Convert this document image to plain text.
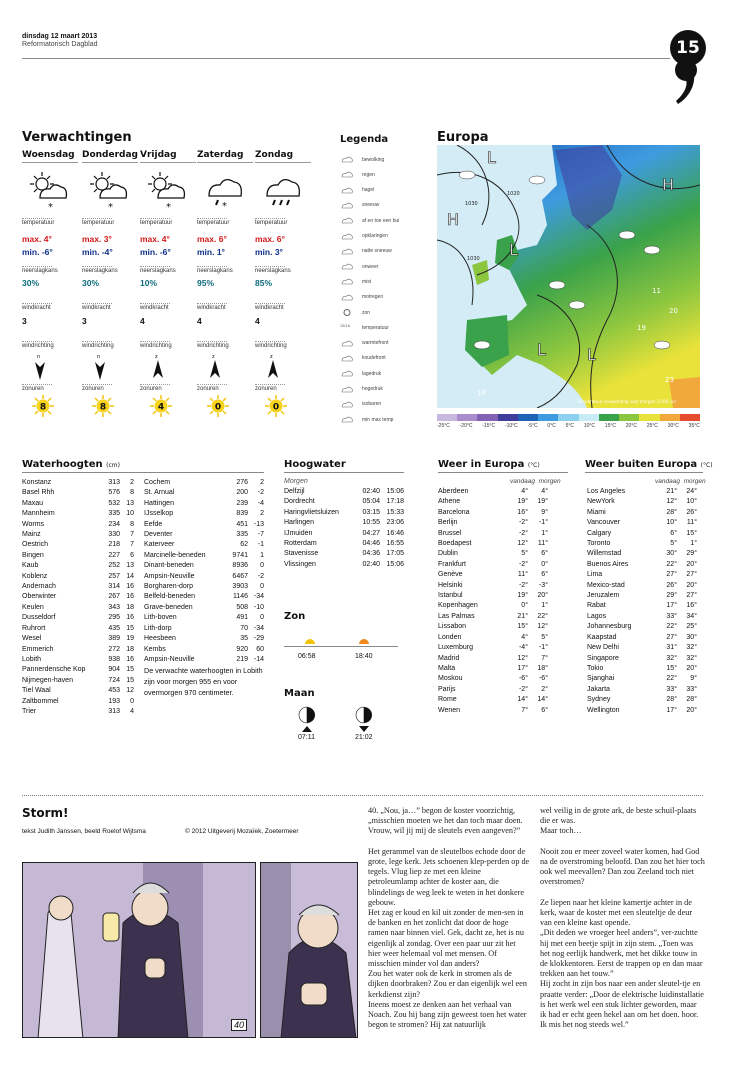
dinsdag 12 maart 2013
Reformatorisch Dagblad	15
Verwachtingen
Woensdag
*
temperatuur
max. 4°
min. -6°
neerslagkans
30%
windkracht
3
windrichting
n
zonuren
8
Donderdag
*
temperatuur
max. 3°
min. -4°
neerslagkans
30%
windkracht
3
windrichting
n
zonuren
8
Vrijdag
*
temperatuur
max. 4°
min. -6°
neerslagkans
10%
windkracht
4
windrichting
z
zonuren
4
Zaterdag
*
temperatuur
max. 6°
min. 1°
neerslagkans
95%
windkracht
4
windrichting
z
zonuren
0
Zondag
temperatuur
max. 6°
min. 3°
neerslagkans
85%
windkracht
4
windrichting
z
zonuren
0
Legenda
bewolking
regen
hagel
sneeuw
af en toe een bui
opklaringen
natte sneeuw
onweer
mist
motregen
zon
15/16	temperatuur
warmtefront
koudefront
lagedruk
hogedruk
isobaren
min max temp
Europa
1020
1030
1030
L
L
L	L
H
H
16
19
20
11
23
Temperatuur verwachting voor morgen 12:00 uur
-25°C -20°C -15°C -10°C -5°C 0°C 5°C 10°C 15°C 20°C 25°C 30°C 35°C
Waterhoogten (cm)
Konstanz	313	2
Basel Rhh	576	8
Maxau	532	13
Mannheim	335	10
Worms	234	8
Mainz	330	7
Oestrich	218	7
Bingen	227	6
Kaub	252	13
Koblenz	257	14
Andernach	314	16
Oberwinter	267	16
Keulen	343	18
Dusseldorf	295	16
Ruhrort	435	15
Wesel	389	19
Emmerich	272	18
Lobith	938	16
Pannerdensche Kop	904	15
Nijmegen-haven	724	15
Tiel Waal	453	12
Zaltbommel	193	0
Trier	313	4
Cochem	276	2
St. Arnual	200	-2
Hattingen	239	-4
IJsselkop	839	2
Eefde	451	-13
Deventer	335	-7
Katerveer	62	-1
Marcinelle-beneden	9741	1
Dinant-beneden	8936	0
Ampsin-Neuville	6467	-2
Borgharen-dorp	3903	0
Belfeld-beneden	1146	-34
Grave-beneden	508	-10
Lith-boven	491	0
Lith-dorp	70	-34
Heesbeen	35	-29
Kembs	920	60
Ampsin-Neuville	219	-14
De verwachte waterhoogten in Lobith zijn voor morgen 955 en voor overmorgen 970 centimeter.
Hoogwater
Morgen
Delfzijl	02:40	15:06
Dordrecht	05:04	17:18
Haringvlietsluizen	03:15	15:33
Harlingen	10:55	23:06
IJmuiden	04:27	16:46
Rotterdam	04:46	16:55
Stavenisse	04:36	17:05
Vlissingen	02:40	15:06
Zon
06:58	18:40
Maan
07:11	21:02
Weer in Europa (°C)
vandaag morgen
Aberdeen	4°	4°
Athene	19°	19°
Barcelona	16°	9°
Berlijn	-2°	-1°
Brussel	-2°	1°
Boedapest	12°	11°
Dublin	5°	6°
Frankfurt	-2°	0°
Genève	11°	6°
Helsinki	-2°	-3°
Istanbul	19°	20°
Kopenhagen	0°	1°
Las Palmas	21°	22°
Lissabon	15°	12°
Londen	4°	5°
Luxemburg	-4°	-1°
Madrid	12°	7°
Malta	17°	18°
Moskou	-6°	-6°
Parijs	-2°	2°
Rome	14°	14°
Wenen	7°	6°
Weer buiten Europa (°C)
vandaag morgen
Los Angeles	21°	24°
NewYork	12°	10°
Miami	28°	26°
Vancouver	10°	11°
Calgary	6°	15°
Toronto	5°	1°
Willemstad	30°	29°
Buenos Aires	22°	20°
Lima	27°	27°
Mexico-stad	26°	20°
Jeruzalem	29°	27°
Rabat	17°	16°
Lagos	33°	34°
Johannesburg	22°	25°
Kaapstad	27°	30°
New Delhi	31°	32°
Singapore	32°	32°
Tokio	15°	20°
Sjanghai	22°	9°
Jakarta	33°	33°
Sydney	28°	28°
Wellington	17°	20°
Storm!
tekst Judith Janssen, beeld Roelof Wijtsma	© 2012 Uitgeverij Mozaïek, Zoetermeer
40
40. „Nou, ja…” begon de koster voorzichtig, „misschien moeten we het dan toch maar doen. Vrouw, wil jij mij de sleutels even aangeven?”

Het gerammel van de sleutelbos echode door de grote, lege kerk. Jets schoenen klep-perden op de tegels. Vlug liep ze met een kleine petroleumlamp achter de koster aan, die blindelings de weg leek te weten in het donkere gebouw.
Het zag er koud en kil uit zonder de men-sen in de banken en het zonlicht dat door de hoge ramen naar binnen viel. Gek, dacht ze, het is nu eigenlijk al zondag. Over een paar uur zit het hier weer helemaal vol met mensen. Of misschien minder vol dan anders?
Zou het water ook de kerk in stromen als de dijken doorbraken? Zou er dan eigenlijk wel een kerkdienst zijn?
Ineens moest ze denken aan het verhaal van Noach. Zou hij bang zijn geweest toen het water begon te stromen? Hij zat natuurlijk
wel veilig in de grote ark, de beste schuil-plaats die er was.
Maar toch…

Nooit zou er meer zoveel water komen, had God na de overstroming beloofd. Dan zou het hier toch ook wel meevallen? Dan zou Zeeland toch niet overstromen?

Ze liepen naar het kleine kamertje achter in de kerk, waar de koster met een sleuteltje de deur van een kleine kast opende.
„Dit deden we vroeger heel anders”, ver-zuchtte hij met een beetje spijt in zijn stem. „Toen was het nog eerlijk handwerk, met het dikke touw in de klokkentoren. Eerst de trappen op en dan maar trekken aan het touw.”
Hij zocht in zijn bos naar een ander sleutel-tje en praatte verder: „Door de elektrische luidinstallatie is het werk wel een stuk lichter geworden, maar ik had er echt geen hekel aan om het doen. hoor. Ik mis het nog steeds wel.”
